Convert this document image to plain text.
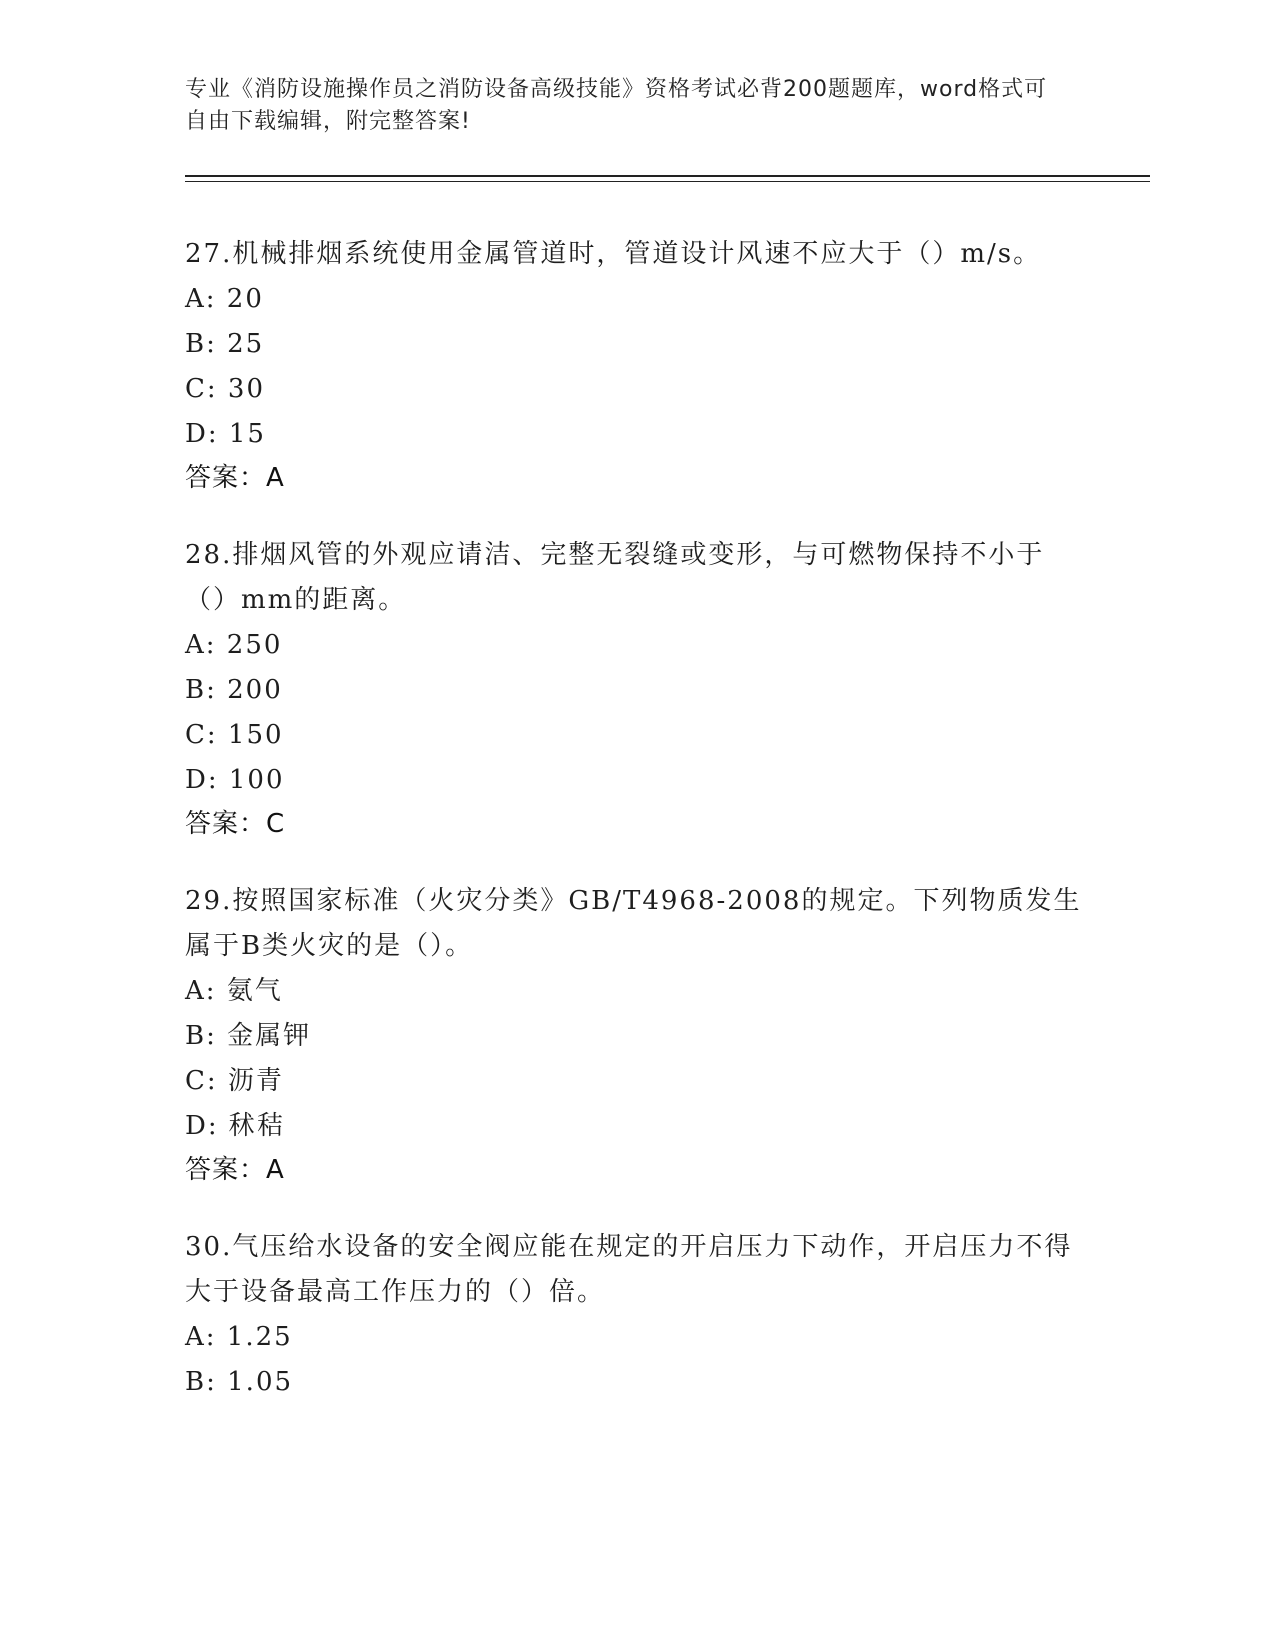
专业《消防设施操作员之消防设备高级技能》资格考试必背200题题库，word格式可自由下载编辑，附完整答案!

27.机械排烟系统使用金属管道时，管道设计风速不应大于（）m/s。

A: 20

B: 25

C: 30

D: 15

答案：A

28.排烟风管的外观应请洁、完整无裂缝或变形，与可燃物保持不小于（）mm的距离。

A: 250

B: 200

C: 150

D: 100

答案：C

29.按照国家标准（火灾分类》GB/T4968-2008的规定。下列物质发生属于B类火灾的是（）。

A: 氨气

B: 金属钾

C: 沥青

D: 秫秸

答案：A

30.气压给水设备的安全阀应能在规定的开启压力下动作，开启压力不得大于设备最高工作压力的（）倍。

A: 1.25

B: 1.05
